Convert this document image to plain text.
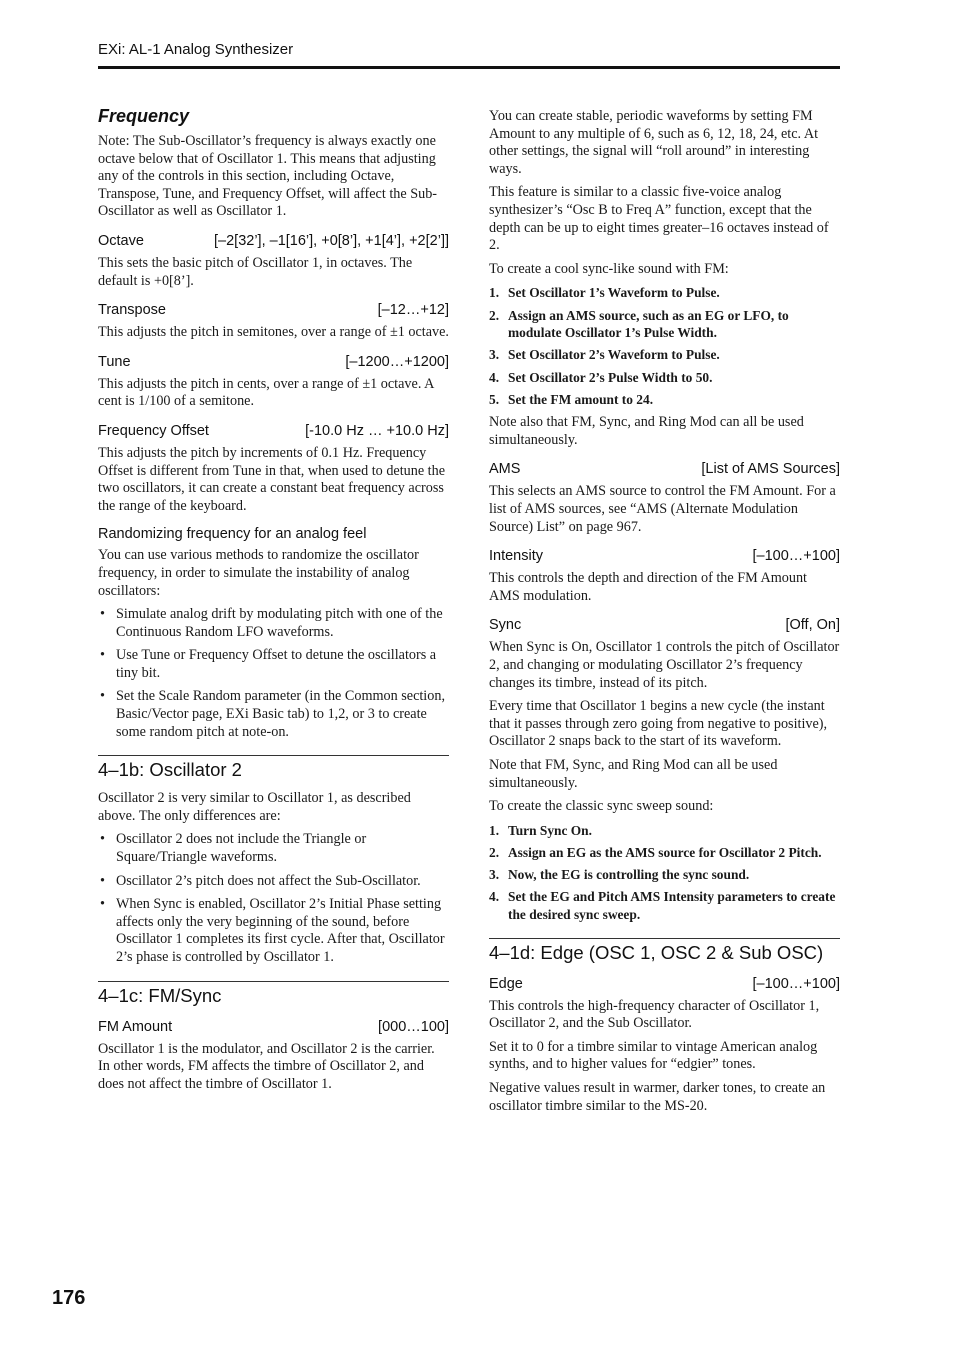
EXi: AL-1 Analog Synthesizer
Frequency

Note: The Sub-Oscillator’s frequency is always exactly one octave below that of Oscillator 1. This means that adjusting any of the controls in this section, including Octave, Transpose, Tune, and Frequency Offset, will affect the Sub-Oscillator as well as Oscillator 1.

Octave	[–2[32’], –1[16’], +0[8’], +1[4’], +2[2’]]

This sets the basic pitch of Oscillator 1, in octaves. The default is +0[8’].

Transpose	[–12…+12]

This adjusts the pitch in semitones, over a range of ±1 octave.

Tune	[–1200…+1200]

This adjusts the pitch in cents, over a range of ±1 octave. A cent is 1/100 of a semitone.

Frequency Offset	[-10.0 Hz … +10.0 Hz]

This adjusts the pitch by increments of 0.1 Hz. Frequency Offset is different from Tune in that, when used to detune the two oscillators, it can create a constant beat frequency across the range of the keyboard.

Randomizing frequency for an analog feel

You can use various methods to randomize the oscillator frequency, in order to simulate the instability of analog oscillators:

• Simulate analog drift by modulating pitch with one of the Continuous Random LFO waveforms.
• Use Tune or Frequency Offset to detune the oscillators a tiny bit.
• Set the Scale Random parameter (in the Common section, Basic/Vector page, EXi Basic tab) to 1,2, or 3 to create some random pitch at note-on.
4–1b: Oscillator 2

Oscillator 2 is very similar to Oscillator 1, as described above. The only differences are:

• Oscillator 2 does not include the Triangle or Square/Triangle waveforms.
• Oscillator 2’s pitch does not affect the Sub-Oscillator.
• When Sync is enabled, Oscillator 2’s Initial Phase setting affects only the very beginning of the sound, before Oscillator 1 completes its first cycle. After that, Oscillator 2’s phase is controlled by Oscillator 1.
4–1c: FM/Sync
FM Amount	[000…100]

Oscillator 1 is the modulator, and Oscillator 2 is the carrier. In other words, FM affects the timbre of Oscillator 2, and does not affect the timbre of Oscillator 1.

You can create stable, periodic waveforms by setting FM Amount to any multiple of 6, such as 6, 12, 18, 24, etc. At other settings, the signal will “roll around” in interesting ways.

This feature is similar to a classic five-voice analog synthesizer’s “Osc B to Freq A” function, except that the depth can be up to eight times greater–16 octaves instead of 2.

To create a cool sync-like sound with FM:

1. Set Oscillator 1’s Waveform to Pulse.
2. Assign an AMS source, such as an EG or LFO, to modulate Oscillator 1’s Pulse Width.
3. Set Oscillator 2’s Waveform to Pulse.
4. Set Oscillator 2’s Pulse Width to 50.
5. Set the FM amount to 24.

Note also that FM, Sync, and Ring Mod can all be used simultaneously.

AMS	[List of AMS Sources]

This selects an AMS source to control the FM Amount. For a list of AMS sources, see “AMS (Alternate Modulation Source) List” on page 967.

Intensity	[–100…+100]

This controls the depth and direction of the FM Amount AMS modulation.

Sync	[Off, On]

When Sync is On, Oscillator 1 controls the pitch of Oscillator 2, and changing or modulating Oscillator 2’s frequency changes its timbre, instead of its pitch.

Every time that Oscillator 1 begins a new cycle (the instant that it passes through zero going from negative to positive), Oscillator 2 snaps back to the start of its waveform.

Note that FM, Sync, and Ring Mod can all be used simultaneously.

To create the classic sync sweep sound:

1. Turn Sync On.
2. Assign an EG as the AMS source for Oscillator 2 Pitch.
3. Now, the EG is controlling the sync sound.
4. Set the EG and Pitch AMS Intensity parameters to create the desired sync sweep.
4–1d: Edge (OSC 1, OSC 2 & Sub OSC)
Edge	[–100…+100]

This controls the high-frequency character of Oscillator 1, Oscillator 2, and the Sub Oscillator.

Set it to 0 for a timbre similar to vintage American analog synths, and to higher values for “edgier” tones.

Negative values result in warmer, darker tones, to create an oscillator timbre similar to the MS-20.

176
